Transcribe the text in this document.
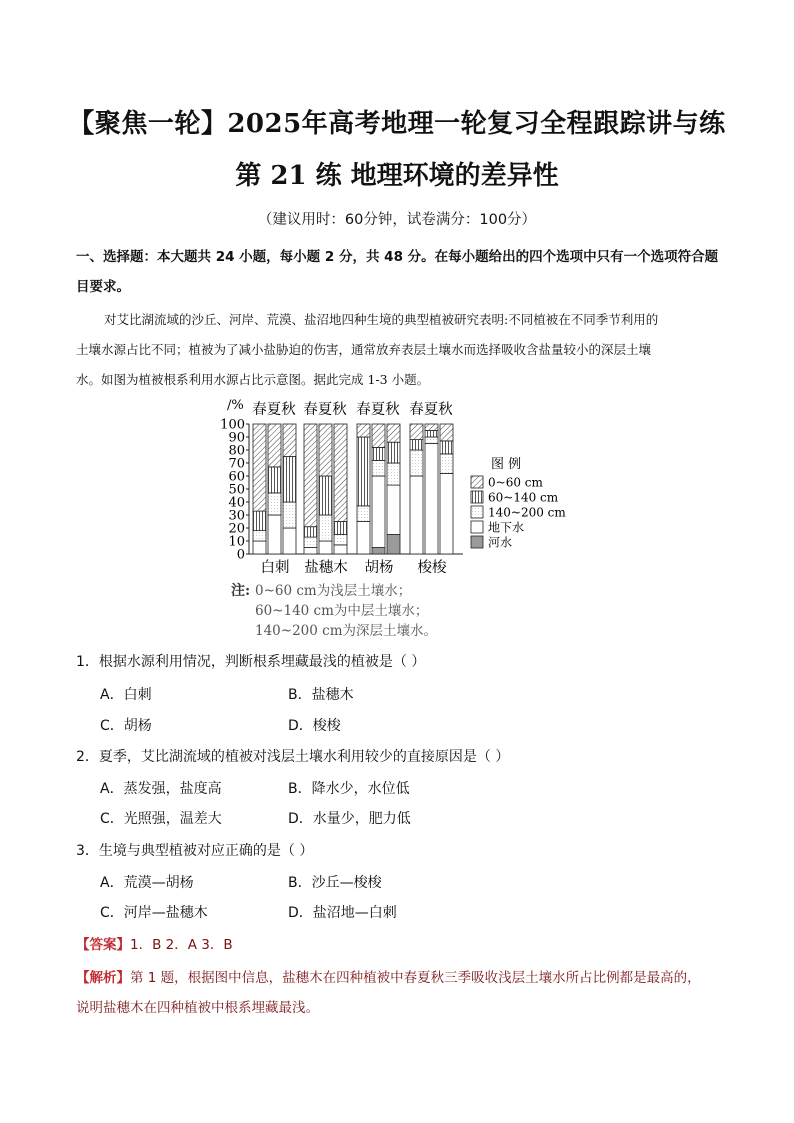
【聚焦一轮】2025年高考地理一轮复习全程跟踪讲与练
第 21 练 地理环境的差异性
（建议用时：60分钟，试卷满分：100分）
一、选择题：本大题共 24 小题，每小题 2 分，共 48 分。在每小题给出的四个选项中只有一个选项符合题
目要求。
对艾比湖流域的沙丘、河岸、荒漠、盐沼地四种生境的典型植被研究表明:不同植被在不同季节利用的
土壤水源占比不同；植被为了减小盐胁迫的伤害，通常放弃表层土壤水而选择吸收含盐量较小的深层土壤
水。如图为植被根系利用水源占比示意图。据此完成 1-3 小题。
/%
0
10
20
30
40
50
60
70
80
90
100
图 例
0~60 cm
60~140 cm
140~200 cm
地下水
河水
春夏秋 春夏秋 春夏秋 春夏秋
白刺 盐穗木 胡杨 梭梭
注: 0~60 cm为浅层土壤水；
60~140 cm为中层土壤水；
140~200 cm为深层土壤水。
1．根据水源利用情况，判断根系埋藏最浅的植被是（ ）
A．白刺	B．盐穗木
C．胡杨	D．梭梭
2．夏季，艾比湖流域的植被对浅层土壤水利用较少的直接原因是（ ）
A．蒸发强，盐度高	B．降水少，水位低
C．光照强，温差大	D．水量少，肥力低
3．生境与典型植被对应正确的是（ ）
A．荒漠—胡杨	B．沙丘—梭梭
C．河岸—盐穗木	D．盐沼地—白刺
【答案】1．B 2．A 3．B
【解析】第 1 题，根据图中信息，盐穗木在四种植被中春夏秋三季吸收浅层土壤水所占比例都是最高的，
说明盐穗木在四种植被中根系埋藏最浅。
